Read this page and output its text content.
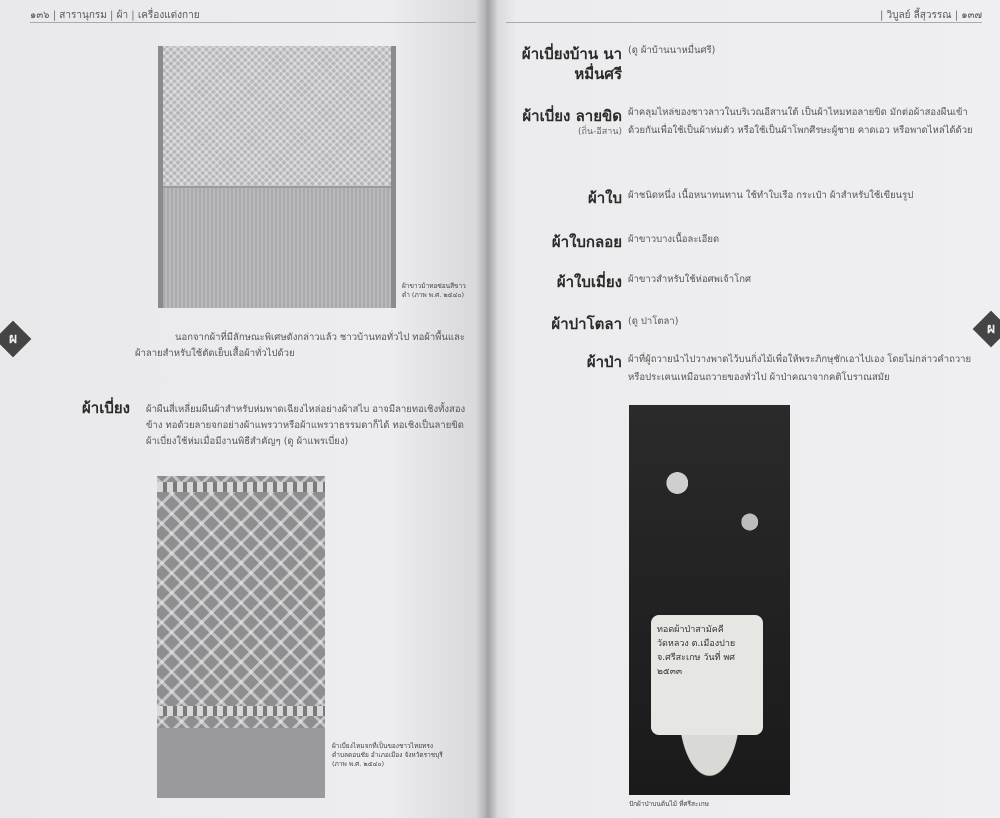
๑๓๖ | สารานุกรม | ผ้า | เครื่องแต่งกาย
ผ
ผ้าขาวม้าทอซ่อนสีขาวดำ (ภาพ พ.ศ. ๒๕๔๐)
นอกจากผ้าที่มีลักษณะพิเศษดังกล่าวแล้ว ชาวบ้านทอทั่วไป ทอผ้าพื้นและผ้าลายสำหรับใช้ตัดเย็บเสื้อผ้าทั่วไปด้วย
ผ้าเบี่ยง ผ้าผืนสี่เหลี่ยมผืนผ้าสำหรับห่มพาดเฉียงไหล่อย่างผ้าสไบ อาจมีลายทอเชิงทั้งสองข้าง ทอด้วยลายจกอย่างผ้าแพรวาหรือผ้าแพรวาธรรมดาก็ได้ ทอเชิงเป็นลายขิด ผ้าเบี่ยงใช้ห่มเมื่อมีงานพิธีสำคัญๆ (ดู ผ้าแพรเบี่ยง)
ผ้าเบี่ยงไหมจกที่เป็นของชาวไทยทรง ตำบลดอนชัย อำเภอเมือง จังหวัดราชบุรี (ภาพ พ.ศ. ๒๕๔๐)
| วิบูลย์ ลี้สุวรรณ | ๑๓๗
ผ
ผ้าเบี่ยงบ้าน นาหมื่นศรี
(ดู ผ้าบ้านนาหมื่นศรี)
ผ้าเบี่ยง ลายขิด
(ถิ่น-อีสาน)
ผ้าคลุมไหล่ของชาวลาวในบริเวณอีสานใต้ เป็นผ้าไหมทอลายขิด มักต่อผ้าสองผืนเข้าด้วยกันเพื่อใช้เป็นผ้าห่มตัว หรือใช้เป็นผ้าโพกศีรษะผู้ชาย คาดเอว หรือพาดไหล่ได้ด้วย
ผ้าใบ ผ้าชนิดหนึ่ง เนื้อหนาทนทาน ใช้ทำใบเรือ กระเป๋า ผ้าสำหรับใช้เขียนรูป
ผ้าใบกลอย ผ้าขาวบางเนื้อละเอียด
ผ้าใบเมี่ยง ผ้าขาวสำหรับใช้ห่อศพเจ้าโกศ
ผ้าปาโตลา (ดู ปาโตลา)
ผ้าป่า ผ้าที่ผู้ถวายนำไปวางพาดไว้บนกิ่งไม้เพื่อให้พระภิกษุชักเอาไปเอง โดยไม่กล่าวคำถวายหรือประเคนเหมือนถวายของทั่วไป ผ้าป่าคณาจากคติโบราณสมัย
ทอดผ้าป่าสามัคคี วัดหลวง ต.เมืองปาย จ.ศรีสะเกษ วันที่ พศ ๒๕๓๓
ปักผ้าป่าบนต้นไม้ ที่ศรีสะเกษ
